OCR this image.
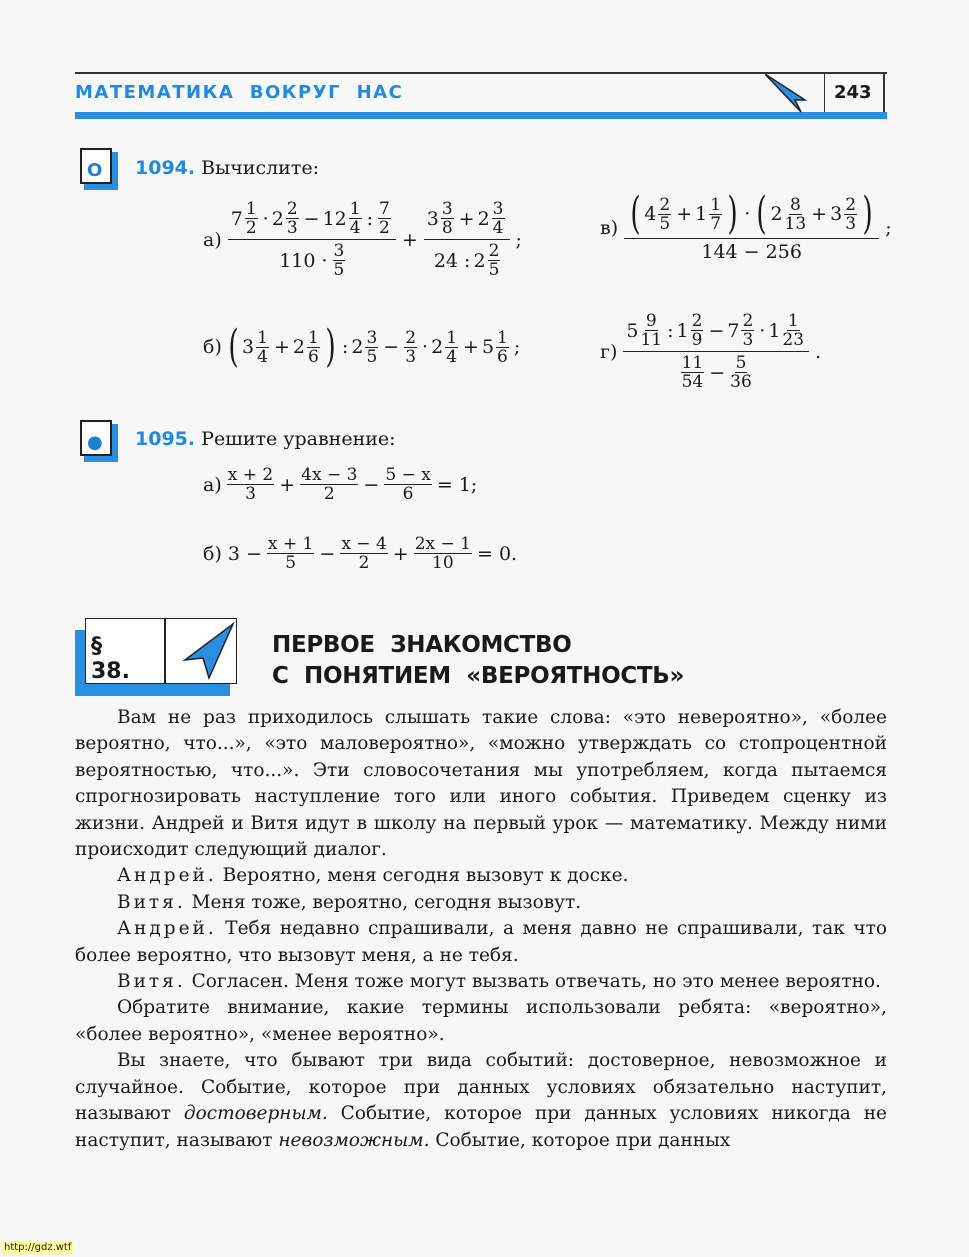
МАТЕМАТИКА  ВОКРУГ  НАС	243
О 1094. Вычислите:
● 1095. Решите уравнение:
§ 38.
ПЕРВОЕ  ЗНАКОМСТВО
С  ПОНЯТИЕМ  «ВЕРОЯТНОСТЬ»

Вам не раз приходилось слышать такие слова: «это невероятно», «более вероятно, что...», «это маловероятно», «можно утверждать со стопроцентной вероятностью, что...». Эти словосочетания мы употребляем, когда пытаемся спрогнозировать наступление того или иного события. Приведем сценку из жизни. Андрей и Витя идут в школу на первый урок — математику. Между ними происходит следующий диалог.

Андрей. Вероятно, меня сегодня вызовут к доске.

Витя. Меня тоже, вероятно, сегодня вызовут.

Андрей. Тебя недавно спрашивали, а меня давно не спрашивали, так что более вероятно, что вызовут меня, а не тебя.

Витя. Согласен. Меня тоже могут вызвать отвечать, но это менее вероятно.

Обратите внимание, какие термины использовали ребята: «вероятно», «более вероятно», «менее вероятно».

Вы знаете, что бывают три вида событий: достоверное, невозможное и случайное. Событие, которое при данных условиях обязательно наступит, называют достоверным. Событие, которое при данных условиях никогда не наступит, называют невозможным. Событие, которое при данных

http://gdz.wtf
$а) \frac{7 \frac{1}{2} \cdot 2 \frac{2}{3} - 12 \frac{1}{4} : \frac{7}{2}}{110 \cdot \frac{3}{5}} + \frac{3 \frac{3}{8} + 2 \frac{3}{4}}{24 : 2 \frac{2}{5}}$ ;
$в) \frac{( 4 \frac{2}{5} + 1 \frac{1}{7} ) \cdot ( 2 \frac{8}{13} + 3 \frac{2}{3} )}{144 - 256}$ ;
б) ( $3 \frac{1}{4} + 2 \frac{1}{6}$ ) : $2 \frac{3}{5} - \frac{2}{3} \cdot 2 \frac{1}{4} + 5 \frac{1}{6}$ ;	$г) \frac{5 \frac{9}{11} : 1 \frac{2}{9} - 7 \frac{2}{3} \cdot 1 \frac{1}{23}}{\frac{11}{54} - \frac{5}{36}}$ .
$а) \frac{x + 2}{3} + \frac{4x - 3}{2} - \frac{5 - x}{6} = 1$;
б) $3 - \frac{x + 1}{5} - \frac{x - 4}{2} + \frac{2x - 1}{10} = 0$.
